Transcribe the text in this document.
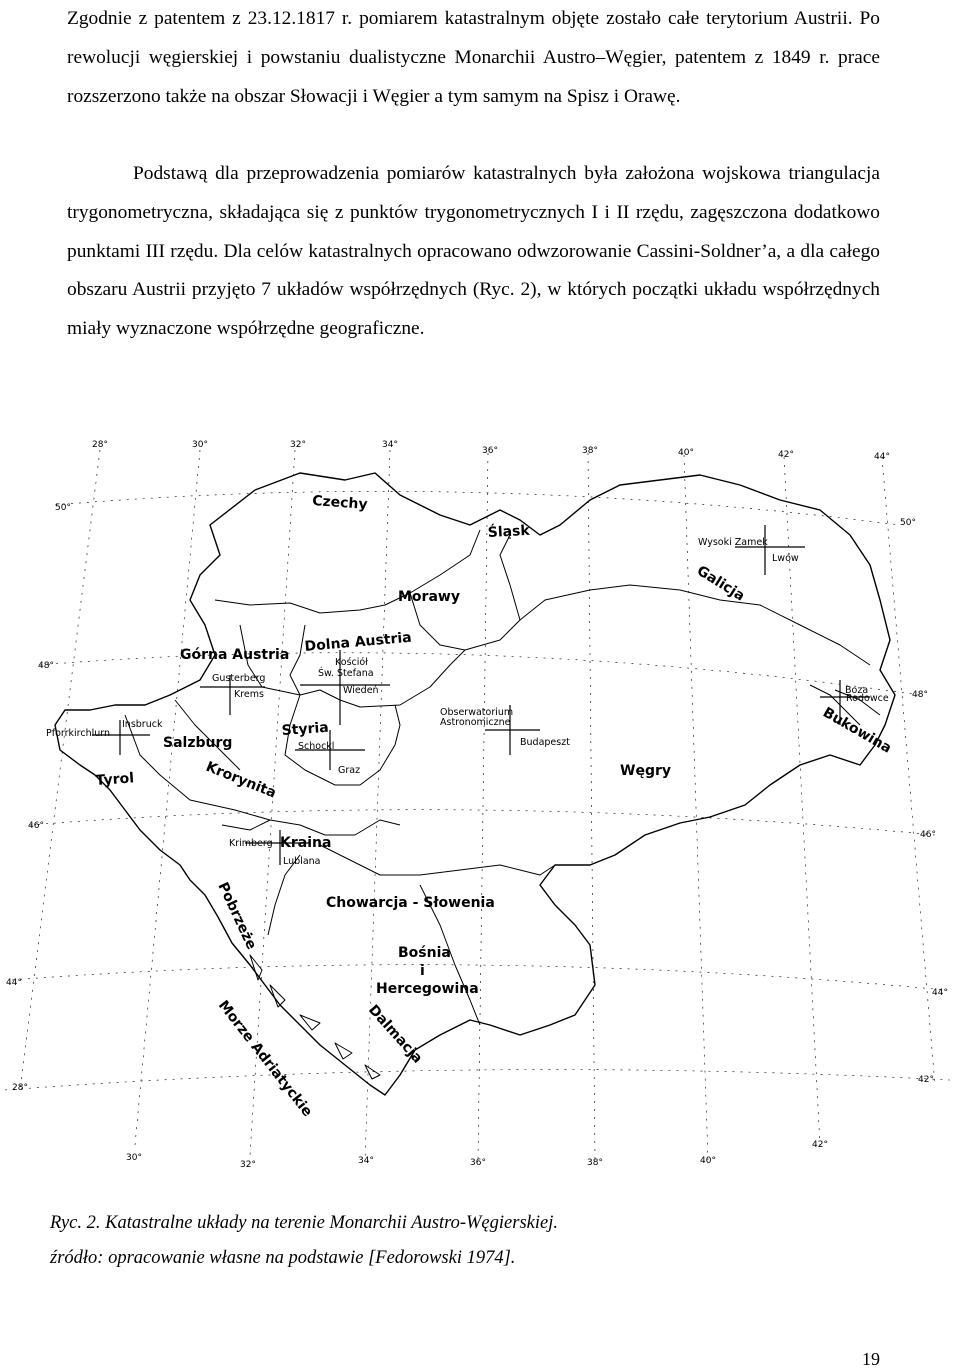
Zgodnie z patentem z 23.12.1817 r. pomiarem katastralnym objęte zostało całe terytorium Austrii. Po rewolucji węgierskiej i powstaniu dualistyczne Monarchii Austro–Węgier, patentem z 1849 r. prace rozszerzono także na obszar Słowacji i Węgier a tym samym na Spisz i Orawę.

Podstawą dla przeprowadzenia pomiarów katastralnych była założona wojskowa triangulacja trygonometryczna, składająca się z punktów trygonometrycznych I i II rzędu, zagęszczona dodatkowo punktami III rzędu. Dla celów katastralnych opracowano odwzorowanie Cassini-Soldner’a, a dla całego obszaru Austrii przyjęto 7 układów współrzędnych (Ryc. 2), w których początki układu współrzędnych miały wyznaczone współrzędne geograficzne.

28°	30°	32°	34°
36°	38°	40°	42°	44°
30°
32°	34°	36°	38°	40°
42°
50°
48°
46°
44°
28°
50°
48°
46°
44°
42°
Czechy
Śląsk
Galicja
Morawy
Górna Austria
Dolna Austria
Bukowina
Salzburg
Styria
Tyrol	Krorynita	Węgry
Kraina
Pobrzeże	Chowarcja - Słowenia
Bośnia
i
Hercegowina
Dalmacja
Morze Adriatyckie
Wysoki Zamek
Lwów
Kościół
Św. Stefana
Wiedeń
Gusterberg
Krems
Insbruck
Pforrkirchlurn
Schockl
Graz
Obserwatorium
Astronomiczne
Budapeszt
Boza
Rodowce
Krimberg
Lublana

Ryc. 2. Katastralne układy na terenie Monarchii Austro-Węgierskiej.

źródło: opracowanie własne na podstawie [Fedorowski 1974].

19
